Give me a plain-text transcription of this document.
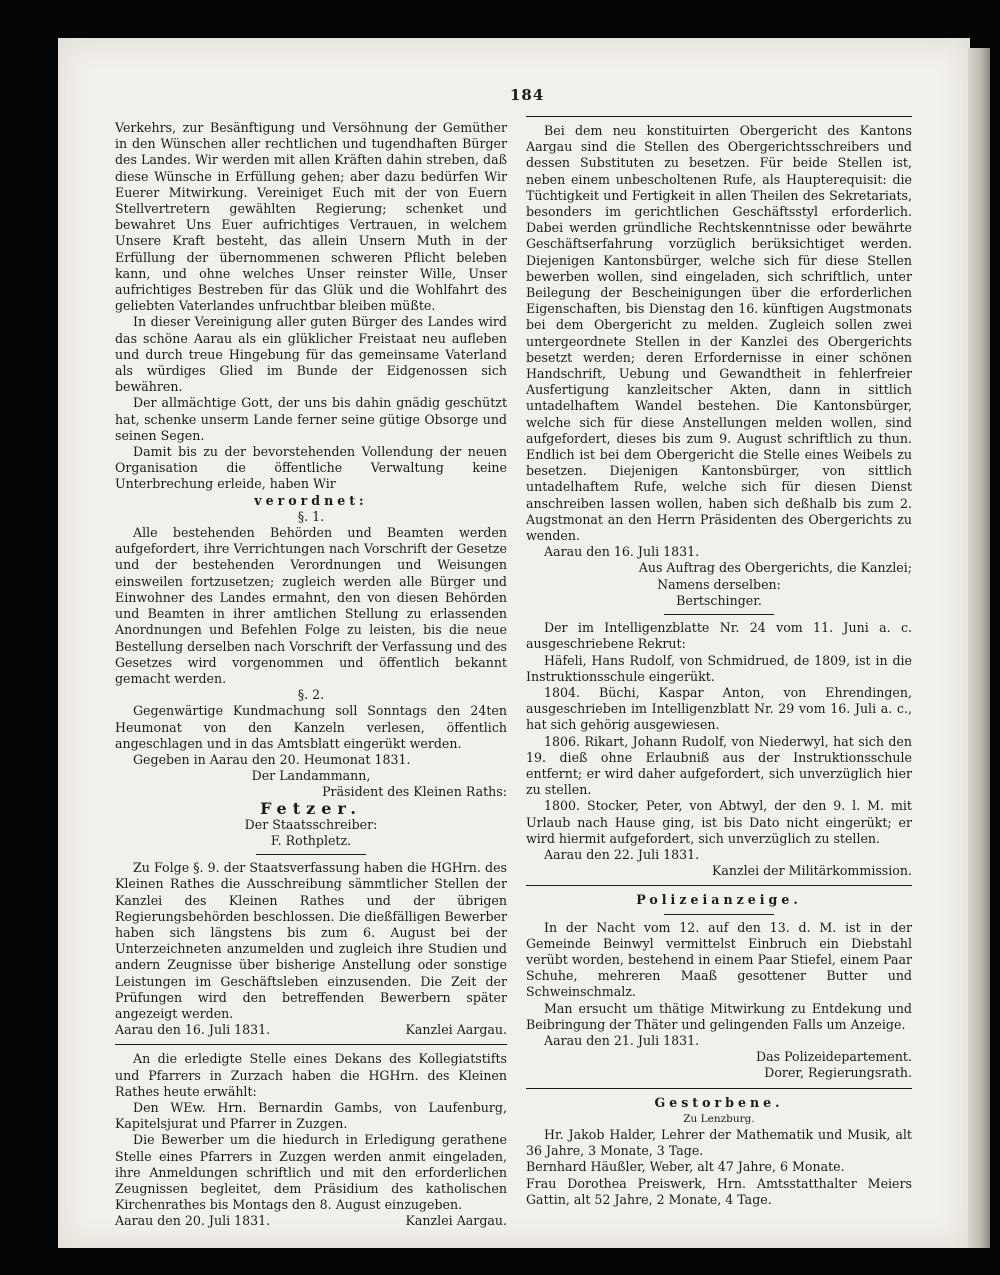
184

Verkehrs, zur Besänftigung und Versöhnung der Gemüther in den Wünschen aller rechtlichen und tugendhaften Bürger des Landes. Wir werden mit allen Kräften dahin streben, daß diese Wünsche in Erfüllung gehen; aber dazu bedürfen Wir Euerer Mitwirkung. Vereiniget Euch mit der von Euern Stellvertretern gewählten Regierung; schenket und bewahret Uns Euer aufrichtiges Vertrauen, in welchem Unsere Kraft besteht, das allein Unsern Muth in der Erfüllung der übernommenen schweren Pflicht beleben kann, und ohne welches Unser reinster Wille, Unser aufrichtiges Bestreben für das Glük und die Wohlfahrt des geliebten Vaterlandes unfruchtbar bleiben müßte.

In dieser Vereinigung aller guten Bürger des Landes wird das schöne Aarau als ein glüklicher Freistaat neu aufleben und durch treue Hingebung für das gemeinsame Vaterland als würdiges Glied im Bunde der Eidgenossen sich bewähren.

Der allmächtige Gott, der uns bis dahin gnädig geschützt hat, schenke unserm Lande ferner seine gütige Obsorge und seinen Segen.

Damit bis zu der bevorstehenden Vollendung der neuen Organisation die öffentliche Verwaltung keine Unterbrechung erleide, haben Wir

verordnet:

§. 1.

Alle bestehenden Behörden und Beamten werden aufgefordert, ihre Verrichtungen nach Vorschrift der Gesetze und der bestehenden Verordnungen und Weisungen einsweilen fortzusetzen; zugleich werden alle Bürger und Einwohner des Landes ermahnt, den von diesen Behörden und Beamten in ihrer amtlichen Stellung zu erlassenden Anordnungen und Befehlen Folge zu leisten, bis die neue Bestellung derselben nach Vorschrift der Verfassung und des Gesetzes wird vorgenommen und öffentlich bekannt gemacht werden.

§. 2.

Gegenwärtige Kundmachung soll Sonntags den 24ten Heumonat von den Kanzeln verlesen, öffentlich angeschlagen und in das Amtsblatt eingerükt werden.

Gegeben in Aarau den 20. Heumonat 1831.

Der Landammann,

Präsident des Kleinen Raths:

Fetzer.

Der Staatsschreiber:

F. Rothpletz.

Zu Folge §. 9. der Staatsverfassung haben die HGHrn. des Kleinen Rathes die Ausschreibung sämmtlicher Stellen der Kanzlei des Kleinen Rathes und der übrigen Regierungsbehörden beschlossen. Die dießfälligen Bewerber haben sich längstens bis zum 6. August bei der Unterzeichneten anzumelden und zugleich ihre Studien und andern Zeugnisse über bisherige Anstellung oder sonstige Leistungen im Geschäftsleben einzusenden. Die Zeit der Prüfungen wird den betreffenden Bewerbern später angezeigt werden.

Aarau den 16. Juli 1831.	Kanzlei Aargau.

An die erledigte Stelle eines Dekans des Kollegiatstifts und Pfarrers in Zurzach haben die HGHrn. des Kleinen Rathes heute erwählt:

Den WEw. Hrn. Bernardin Gambs, von Laufenburg, Kapitelsjurat und Pfarrer in Zuzgen.

Die Bewerber um die hiedurch in Erledigung gerathene Stelle eines Pfarrers in Zuzgen werden anmit eingeladen, ihre Anmeldungen schriftlich und mit den erforderlichen Zeugnissen begleitet, dem Präsidium des katholischen Kirchenrathes bis Montags den 8. August einzugeben.

Aarau den 20. Juli 1831.	Kanzlei Aargau.

Bei dem neu konstituirten Obergericht des Kantons Aargau sind die Stellen des Obergerichtsschreibers und dessen Substituten zu besetzen. Für beide Stellen ist, neben einem unbescholtenen Rufe, als Haupterequisit: die Tüchtigkeit und Fertigkeit in allen Theilen des Sekretariats, besonders im gerichtlichen Geschäftsstyl erforderlich. Dabei werden gründliche Rechtskenntnisse oder bewährte Geschäftserfahrung vorzüglich berüksichtiget werden. Diejenigen Kantonsbürger, welche sich für diese Stellen bewerben wollen, sind eingeladen, sich schriftlich, unter Beilegung der Bescheinigungen über die erforderlichen Eigenschaften, bis Dienstag den 16. künftigen Augstmonats bei dem Obergericht zu melden. Zugleich sollen zwei untergeordnete Stellen in der Kanzlei des Obergerichts besetzt werden; deren Erfordernisse in einer schönen Handschrift, Uebung und Gewandtheit in fehlerfreier Ausfertigung kanzleitscher Akten, dann in sittlich untadelhaftem Wandel bestehen. Die Kantonsbürger, welche sich für diese Anstellungen melden wollen, sind aufgefordert, dieses bis zum 9. August schriftlich zu thun. Endlich ist bei dem Obergericht die Stelle eines Weibels zu besetzen. Diejenigen Kantonsbürger, von sittlich untadelhaftem Rufe, welche sich für diesen Dienst anschreiben lassen wollen, haben sich deßhalb bis zum 2. Augstmonat an den Herrn Präsidenten des Obergerichts zu wenden.

Aarau den 16. Juli 1831.

Aus Auftrag des Obergerichts, die Kanzlei;

Namens derselben:

Bertschinger.

Der im Intelligenzblatte Nr. 24 vom 11. Juni a. c. ausgeschriebene Rekrut:

Häfeli, Hans Rudolf, von Schmidrued, de 1809, ist in die Instruktionsschule eingerükt.

1804. Büchi, Kaspar Anton, von Ehrendingen, ausgeschrieben im Intelligenzblatt Nr. 29 vom 16. Juli a. c., hat sich gehörig ausgewiesen.

1806. Rikart, Johann Rudolf, von Niederwyl, hat sich den 19. dieß ohne Erlaubniß aus der Instruktionsschule entfernt; er wird daher aufgefordert, sich unverzüglich hier zu stellen.

1800. Stocker, Peter, von Abtwyl, der den 9. l. M. mit Urlaub nach Hause ging, ist bis Dato nicht eingerükt; er wird hiermit aufgefordert, sich unverzüglich zu stellen.

Aarau den 22. Juli 1831.

Kanzlei der Militärkommission.

Polizeianzeige.

In der Nacht vom 12. auf den 13. d. M. ist in der Gemeinde Beinwyl vermittelst Einbruch ein Diebstahl verübt worden, bestehend in einem Paar Stiefel, einem Paar Schuhe, mehreren Maaß gesottener Butter und Schweinschmalz.

Man ersucht um thätige Mitwirkung zu Entdekung und Beibringung der Thäter und gelingenden Falls um Anzeige.

Aarau den 21. Juli 1831.

Das Polizeidepartement.

Dorer, Regierungsrath.

Gestorbene.

Zu Lenzburg.

Hr. Jakob Halder, Lehrer der Mathematik und Musik, alt 36 Jahre, 3 Monate, 3 Tage.

Bernhard Häußler, Weber, alt 47 Jahre, 6 Monate.

Frau Dorothea Preiswerk, Hrn. Amtsstatthalter Meiers Gattin, alt 52 Jahre, 2 Monate, 4 Tage.
